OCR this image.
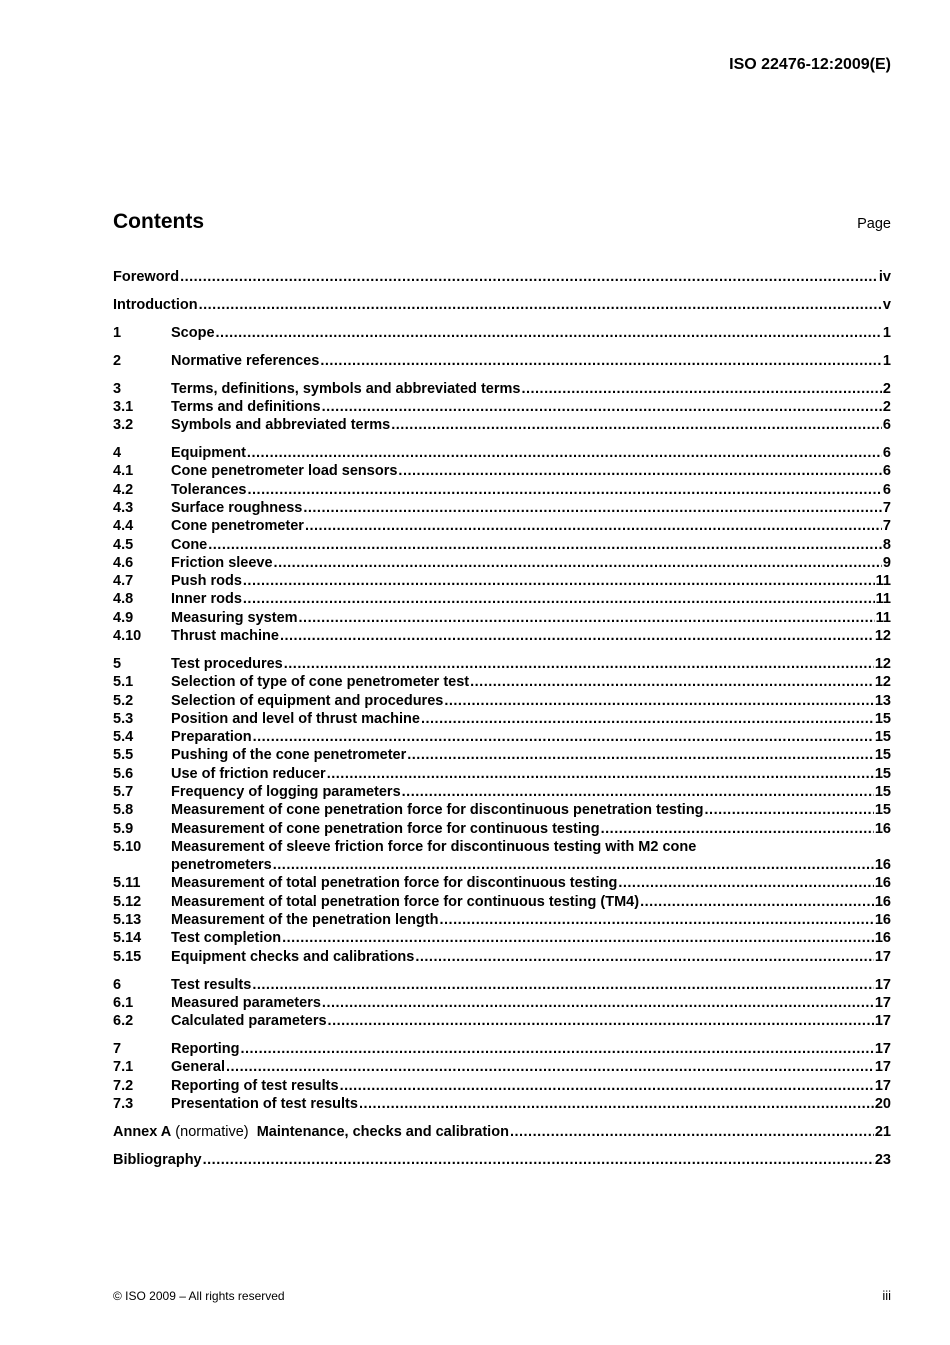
ISO 22476-12:2009(E)
Contents	Page
Foreword .....	iv
Introduction .....	v
1	Scope .....	1
2	Normative references .....	1
3	Terms, definitions, symbols and abbreviated terms .....	2
3.1	Terms and definitions .....	2
3.2	Symbols and abbreviated terms .....	6
4	Equipment .....	6
4.1	Cone penetrometer load sensors .....	6
4.2	Tolerances .....	6
4.3	Surface roughness .....	7
4.4	Cone penetrometer .....	7
4.5	Cone .....	8
4.6	Friction sleeve .....	9
4.7	Push rods .....	11
4.8	Inner rods .....	11
4.9	Measuring system .....	11
4.10	Thrust machine .....	12
5	Test procedures .....	12
5.1	Selection of type of cone penetrometer test .....	12
5.2	Selection of equipment and procedures .....	13
5.3	Position and level of thrust machine .....	15
5.4	Preparation .....	15
5.5	Pushing of the cone penetrometer .....	15
5.6	Use of friction reducer .....	15
5.7	Frequency of logging parameters .....	15
5.8	Measurement of cone penetration force for discontinuous penetration testing .....	15
5.9	Measurement of cone penetration force for continuous testing .....	16
5.10	Measurement of sleeve friction force for discontinuous testing with M2 cone
penetrometers .....	16
5.11	Measurement of total penetration force for discontinuous testing .....	16
5.12	Measurement of total penetration force for continuous testing (TM4) .....	16
5.13	Measurement of the penetration length .....	16
5.14	Test completion .....	16
5.15	Equipment checks and calibrations .....	17
6	Test results .....	17
6.1	Measured parameters .....	17
6.2	Calculated parameters .....	17
7	Reporting .....	17
7.1	General .....	17
7.2	Reporting of test results .....	17
7.3	Presentation of test results .....	20
Annex A (normative)  Maintenance, checks and calibration .....	21
Bibliography .....	23
© ISO 2009 – All rights reserved	iii
